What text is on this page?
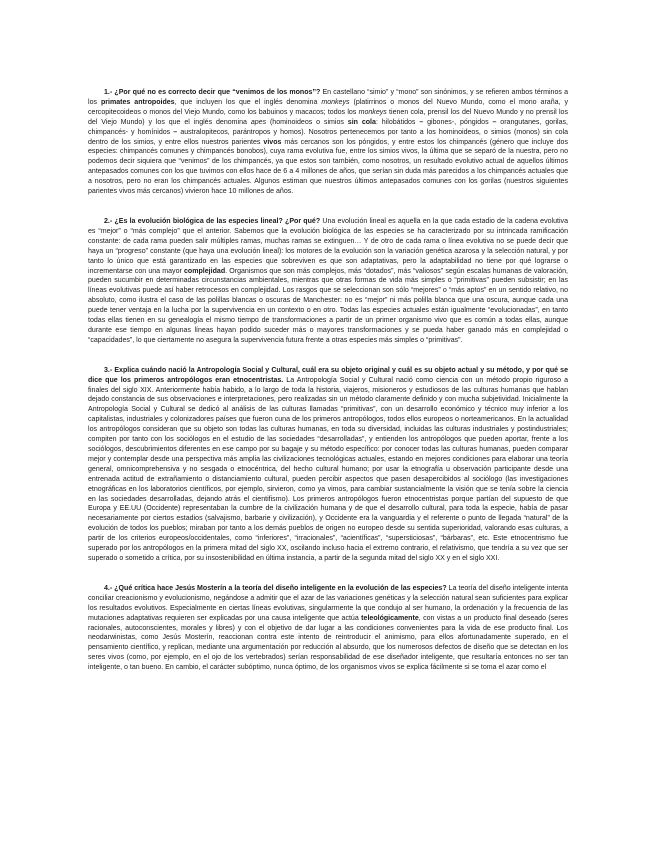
1.- ¿Por qué no es correcto decir que “venimos de los monos”? En castellano “simio” y “mono” son sinónimos, y se refieren ambos términos a los primates antropoides, que incluyen los que el inglés denomina monkeys (platirrinos o monos del Nuevo Mundo, como el mono araña, y cercopitecoideos o monos del Viejo Mundo, como los babuinos y macacos; todos los monkeys tienen cola, prensil los del Nuevo Mundo y no prensil los del Viejo Mundo) y los que el inglés denomina apes (hominoideos o simios sin cola: hilobátidos – gibones-, póngidos – orangutanes, gorilas, chimpancés- y homínidos – australopitecos, parántropos y homos). Nosotros pertenecemos por tanto a los hominoideos, o simios (monos) sin cola dentro de los simios, y entre ellos nuestros parientes vivos más cercanos son los póngidos, y entre estos los chimpancés (género que incluye dos especies: chimpancés comunes y chimpancés bonobos), cuya rama evolutiva fue, entre los simios vivos, la última que se separó de la nuestra, pero no podemos decir siquiera que “venimos” de los chimpancés, ya que estos son también, como nosotros, un resultado evolutivo actual de aquellos últimos antepasados comunes con los que tuvimos con ellos hace de 6 a 4 millones de años, que serían sin duda más parecidos a los chimpancés actuales que a nosotros, pero no eran los chimpancés actuales. Algunos estiman que nuestros últimos antepasados comunes con los gorilas (nuestros siguientes parientes vivos más cercanos) vivieron hace 10 millones de años.

2.- ¿Es la evolución biológica de las especies lineal? ¿Por qué? Una evolución lineal es aquella en la que cada estadio de la cadena evolutiva es “mejor” o “más complejo” que el anterior. Sabemos que la evolución biológica de las especies se ha caracterizado por su intrincada ramificación constante: de cada rama pueden salir múltiples ramas, muchas ramas se extinguen… Y de otro de cada rama o línea evolutiva no se puede decir que haya un “progreso” constante (que haya una evolución lineal): los motores de la evolución son la variación genética azarosa y la selección natural, y por tanto lo único que está garantizado en las especies que sobreviven es que son adaptativas, pero la adaptabilidad no tiene por qué lograrse o incrementarse con una mayor complejidad. Organismos que son más complejos, más “dotados”, más “valiosos” según escalas humanas de valoración, pueden sucumbir en determinadas circunstancias ambientales, mientras que otras formas de vida más simples o “primitivas” pueden subsistir; en las líneas evolutivas puede así haber retrocesos en complejidad. Los rasgos que se seleccionan son sólo “mejores” o “más aptos” en un sentido relativo, no absoluto, como ilustra el caso de las polillas blancas o oscuras de Manchester: no es “mejor” ni más polilla blanca que una oscura, aunque cada una puede tener ventaja en la lucha por la supervivencia en un contexto o en otro. Todas las especies actuales están igualmente “evolucionadas”, en tanto todas ellas tienen en su genealogía el mismo tiempo de transformaciones a partir de un primer organismo vivo que es común a todas ellas, aunque durante ese tiempo en algunas líneas hayan podido suceder más o mayores transformaciones y se pueda haber ganado más en complejidad o “capacidades”, lo que ciertamente no asegura la supervivencia futura frente a otras especies más simples o “primitivas”.

3.- Explica cuándo nació la Antropología Social y Cultural, cuál era su objeto original y cuál es su objeto actual y su método, y por qué se dice que los primeros antropólogos eran etnocentristas. La Antropología Social y Cultural nació como ciencia con un método propio riguroso a finales del siglo XIX. Anteriormente había habido, a lo largo de toda la historia, viajeros, misioneros y estudiosos de las culturas humanas que hablan dejado constancia de sus observaciones e interpretaciones, pero realizadas sin un método claramente definido y con mucha subjetividad. Inicialmente la Antropología Social y Cultural se dedicó al análisis de las culturas llamadas “primitivas”, con un desarrollo económico y técnico muy inferior a los capitalistas, industriales y colonizadores países que fueron cuna de los primeros antropólogos, todos ellos europeos o norteamericanos. En la actualidad los antropólogos consideran que su objeto son todas las culturas humanas, en toda su diversidad, incluidas las culturas industriales y postindustriales; compiten por tanto con los sociólogos en el estudio de las sociedades “desarrolladas”, y entienden los antropólogos que pueden aportar, frente a los sociólogos, descubrimientos diferentes en ese campo por su bagaje y su método específico: por conocer todas las culturas humanas, pueden comparar mejor y contemplar desde una perspectiva más amplia las civilizaciones tecnológicas actuales, estando en mejores condiciones para elaborar una teoría general, omnicomprehensiva y no sesgada o etnocéntrica, del hecho cultural humano; por usar la etnografía u observación participante desde una entrenada actitud de extrañamiento o distanciamiento cultural, pueden percibir aspectos que pasen desapercibidos al sociólogo (las investigaciones etnográficas en los laboratorios científicos, por ejemplo, sirvieron, como ya vimos, para cambiar sustancialmente la visión que se tenía sobre la ciencia en las sociedades desarrolladas, dejando atrás el cientifismo). Los primeros antropólogos fueron etnocentristas porque partían del supuesto de que Europa y EE.UU (Occidente) representaban la cumbre de la civilización humana y de que el desarrollo cultural, para toda la especie, había de pasar necesariamente por ciertos estadios (salvajismo, barbarie y civilización), y Occidente era la vanguardia y el referente o punto de llegada “natural” de la evolución de todos los pueblos; miraban por tanto a los demás pueblos de origen no europeo desde su sentida superioridad, valorando esas culturas, a partir de los criterios europeos/occidentales, como “inferiores”, “irracionales”, “acientíficas”, “supersticiosas”, “bárbaras”, etc. Este etnocentrismo fue superado por los antropólogos en la primera mitad del siglo XX, oscilando incluso hacia el extremo contrario, el relativismo, que tendría a su vez que ser superado o sometido a crítica, por su insostenibilidad en última instancia, a partir de la segunda mitad del siglo XX y en el siglo XXI.

4.- ¿Qué crítica hace Jesús Mosterín a la teoría del diseño inteligente en la evolución de las especies? La teoría del diseño inteligente intenta conciliar creacionismo y evolucionismo, negándose a admitir que el azar de las variaciones genéticas y la selección natural sean suficientes para explicar los resultados evolutivos. Especialmente en ciertas líneas evolutivas, singularmente la que condujo al ser humano, la ordenación y la frecuencia de las mutaciones adaptativas requieren ser explicadas por una causa inteligente que actúa teleológicamente, con vistas a un producto final deseado (seres racionales, autoconscientes, morales y libres) y con el objetivo de dar lugar a las condiciones convenientes para la vida de ese producto final. Los neodarwinistas, como Jesús Mosterín, reaccionan contra este intento de reintroducir el animismo, para ellos afortunadamente superado, en el pensamiento científico, y replican, mediante una argumentación por reducción al absurdo, que los numerosos defectos de diseño que se detectan en los seres vivos (como, por ejemplo, en el ojo de los vertebrados) serían responsabilidad de ese diseñador inteligente, que resultaría entonces no ser tan inteligente, o tan bueno. En cambio, el carácter subóptimo, nunca óptimo, de los organismos vivos se explica fácilmente si se toma el azar como el
